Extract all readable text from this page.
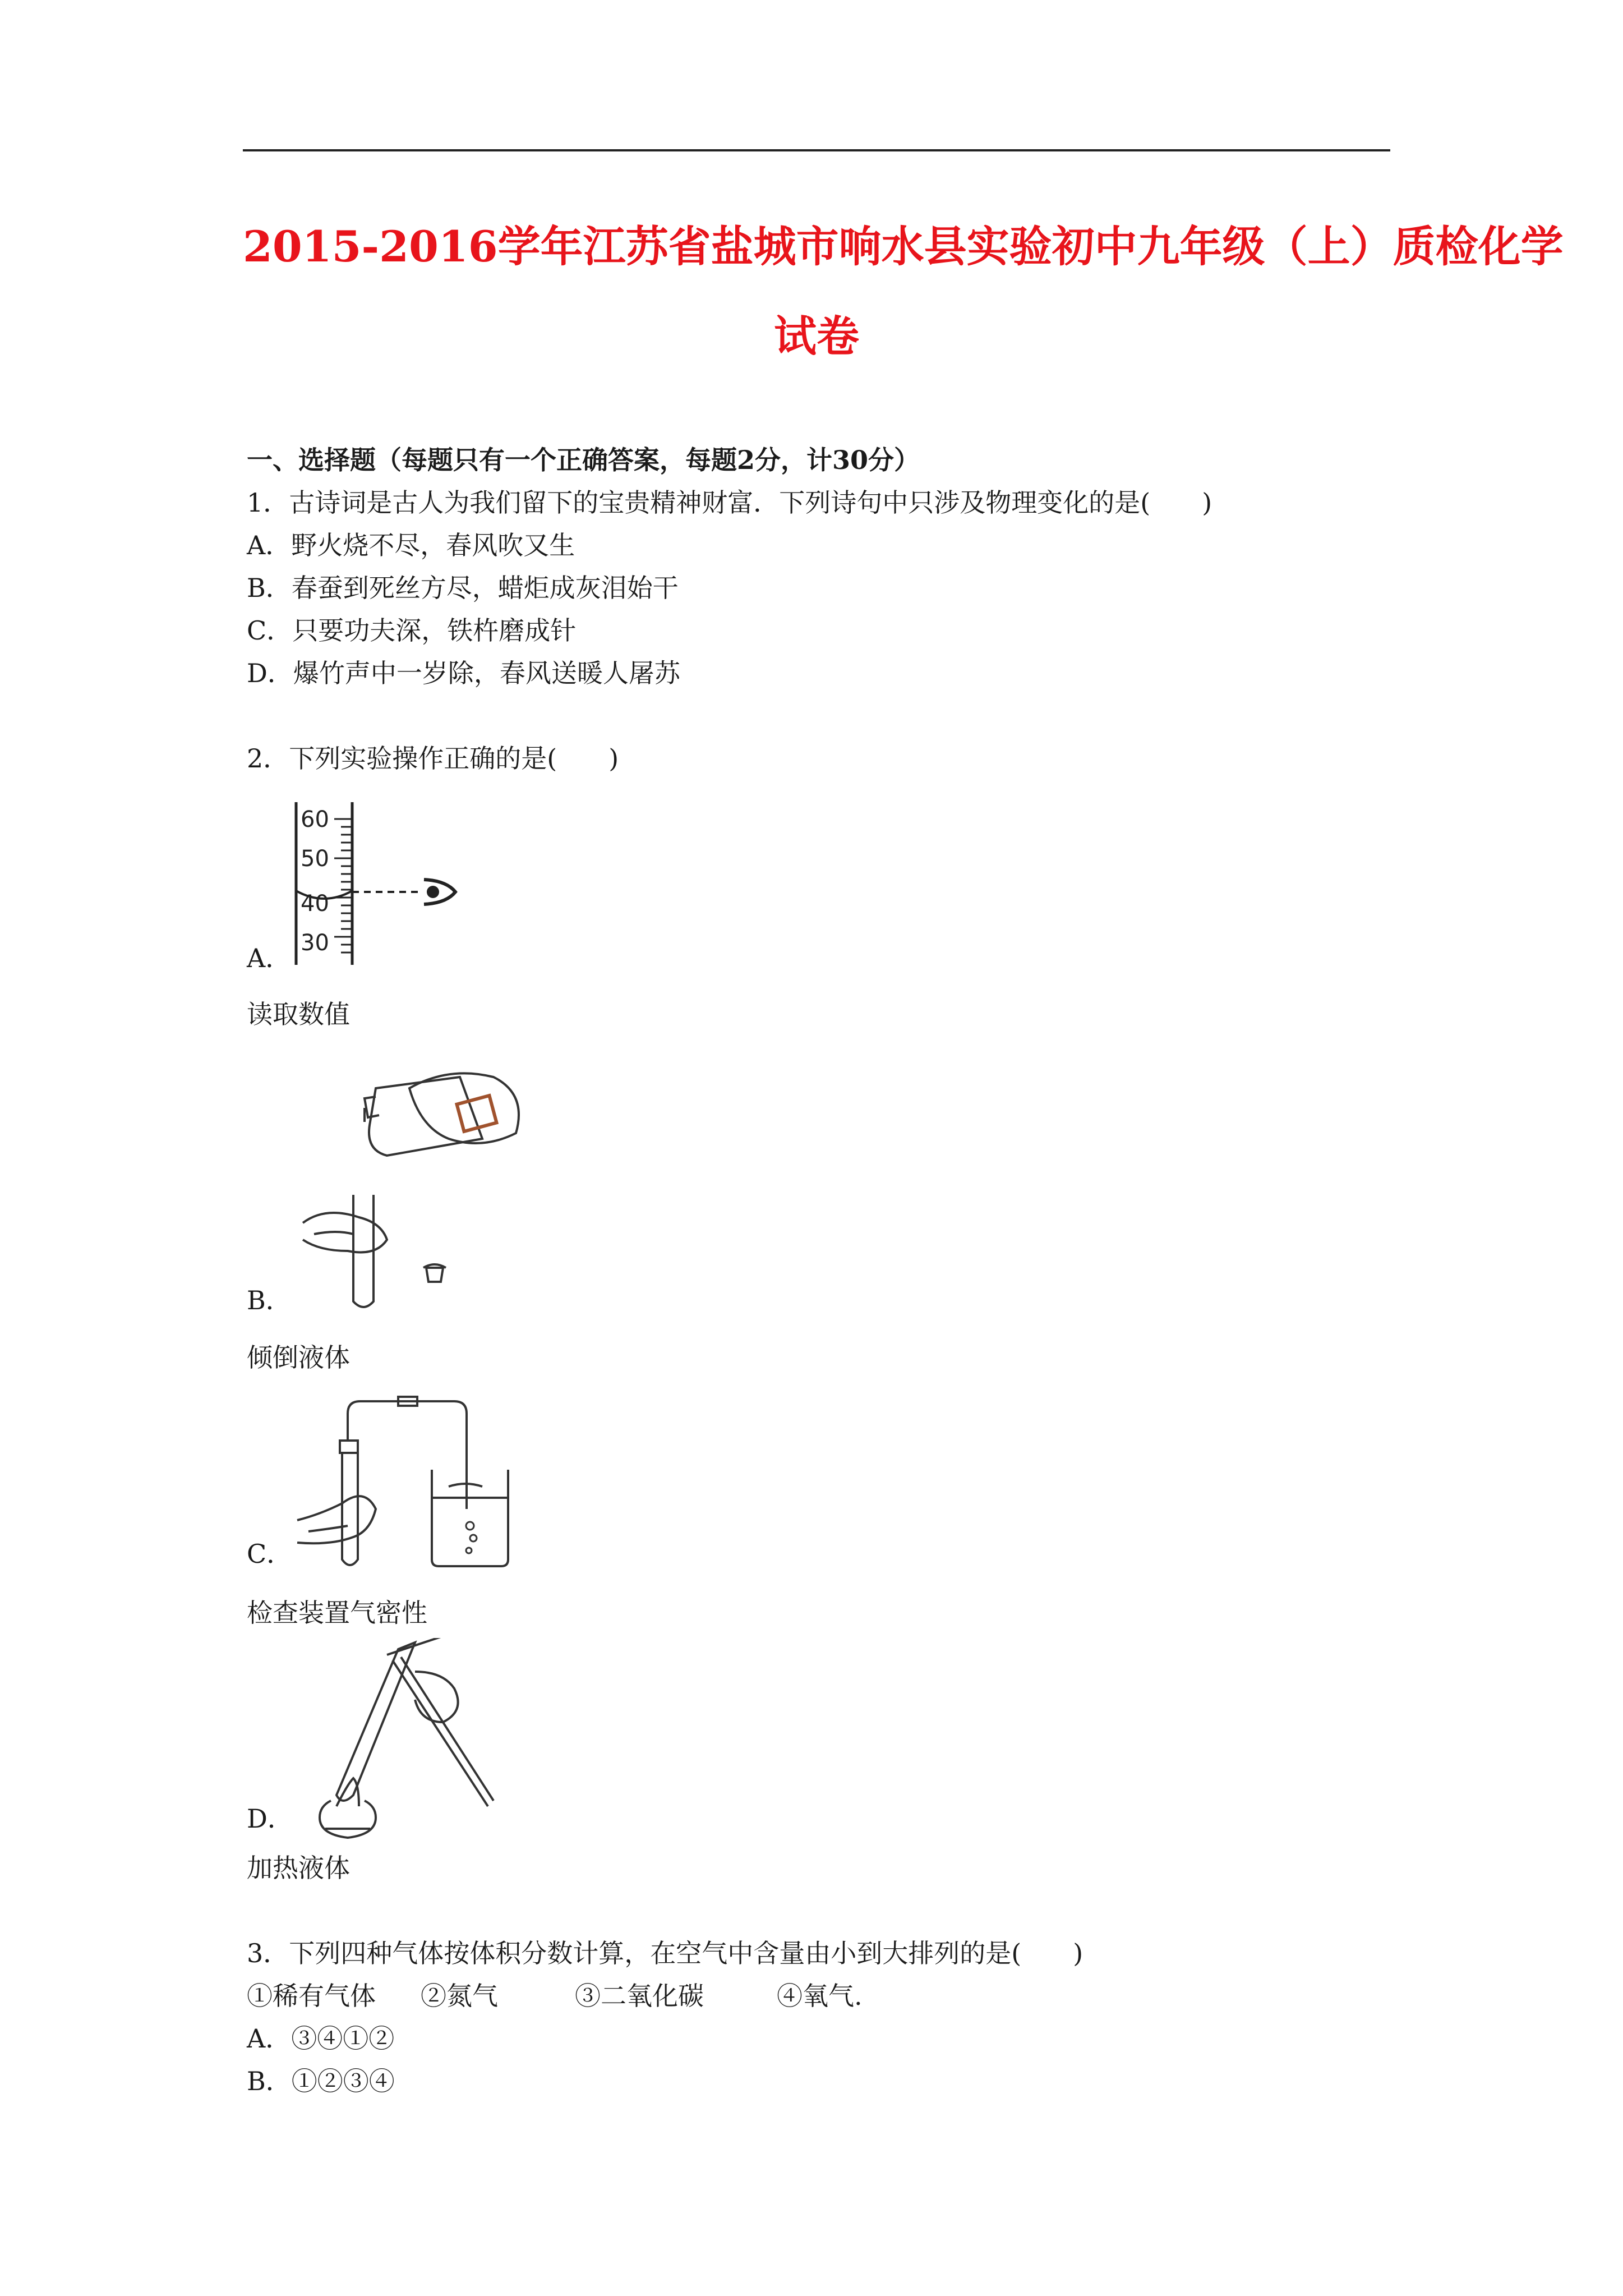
2015-2016学年江苏省盐城市响水县实验初中九年级（上）质检化学
试卷
一、选择题（每题只有一个正确答案，每题2分，计30分）
1．古诗词是古人为我们留下的宝贵精神财富．下列诗句中只涉及物理变化的是(　　)
A．野火烧不尽，春风吹又生
B．春蚕到死丝方尽，蜡炬成灰泪始干
C．只要功夫深，铁杵磨成针
D．爆竹声中一岁除，春风送暖人屠苏
2．下列实验操作正确的是(　　)
60
50
40
30
A．
读取数值
B．
倾倒液体
C．
检查装置气密性
D．
加热液体
3．下列四种气体按体积分数计算，在空气中含量由小到大排列的是(　　)
①稀有气体 ②氮气	③二氧化碳	④氧气.
A．③④①②
B．①②③④
